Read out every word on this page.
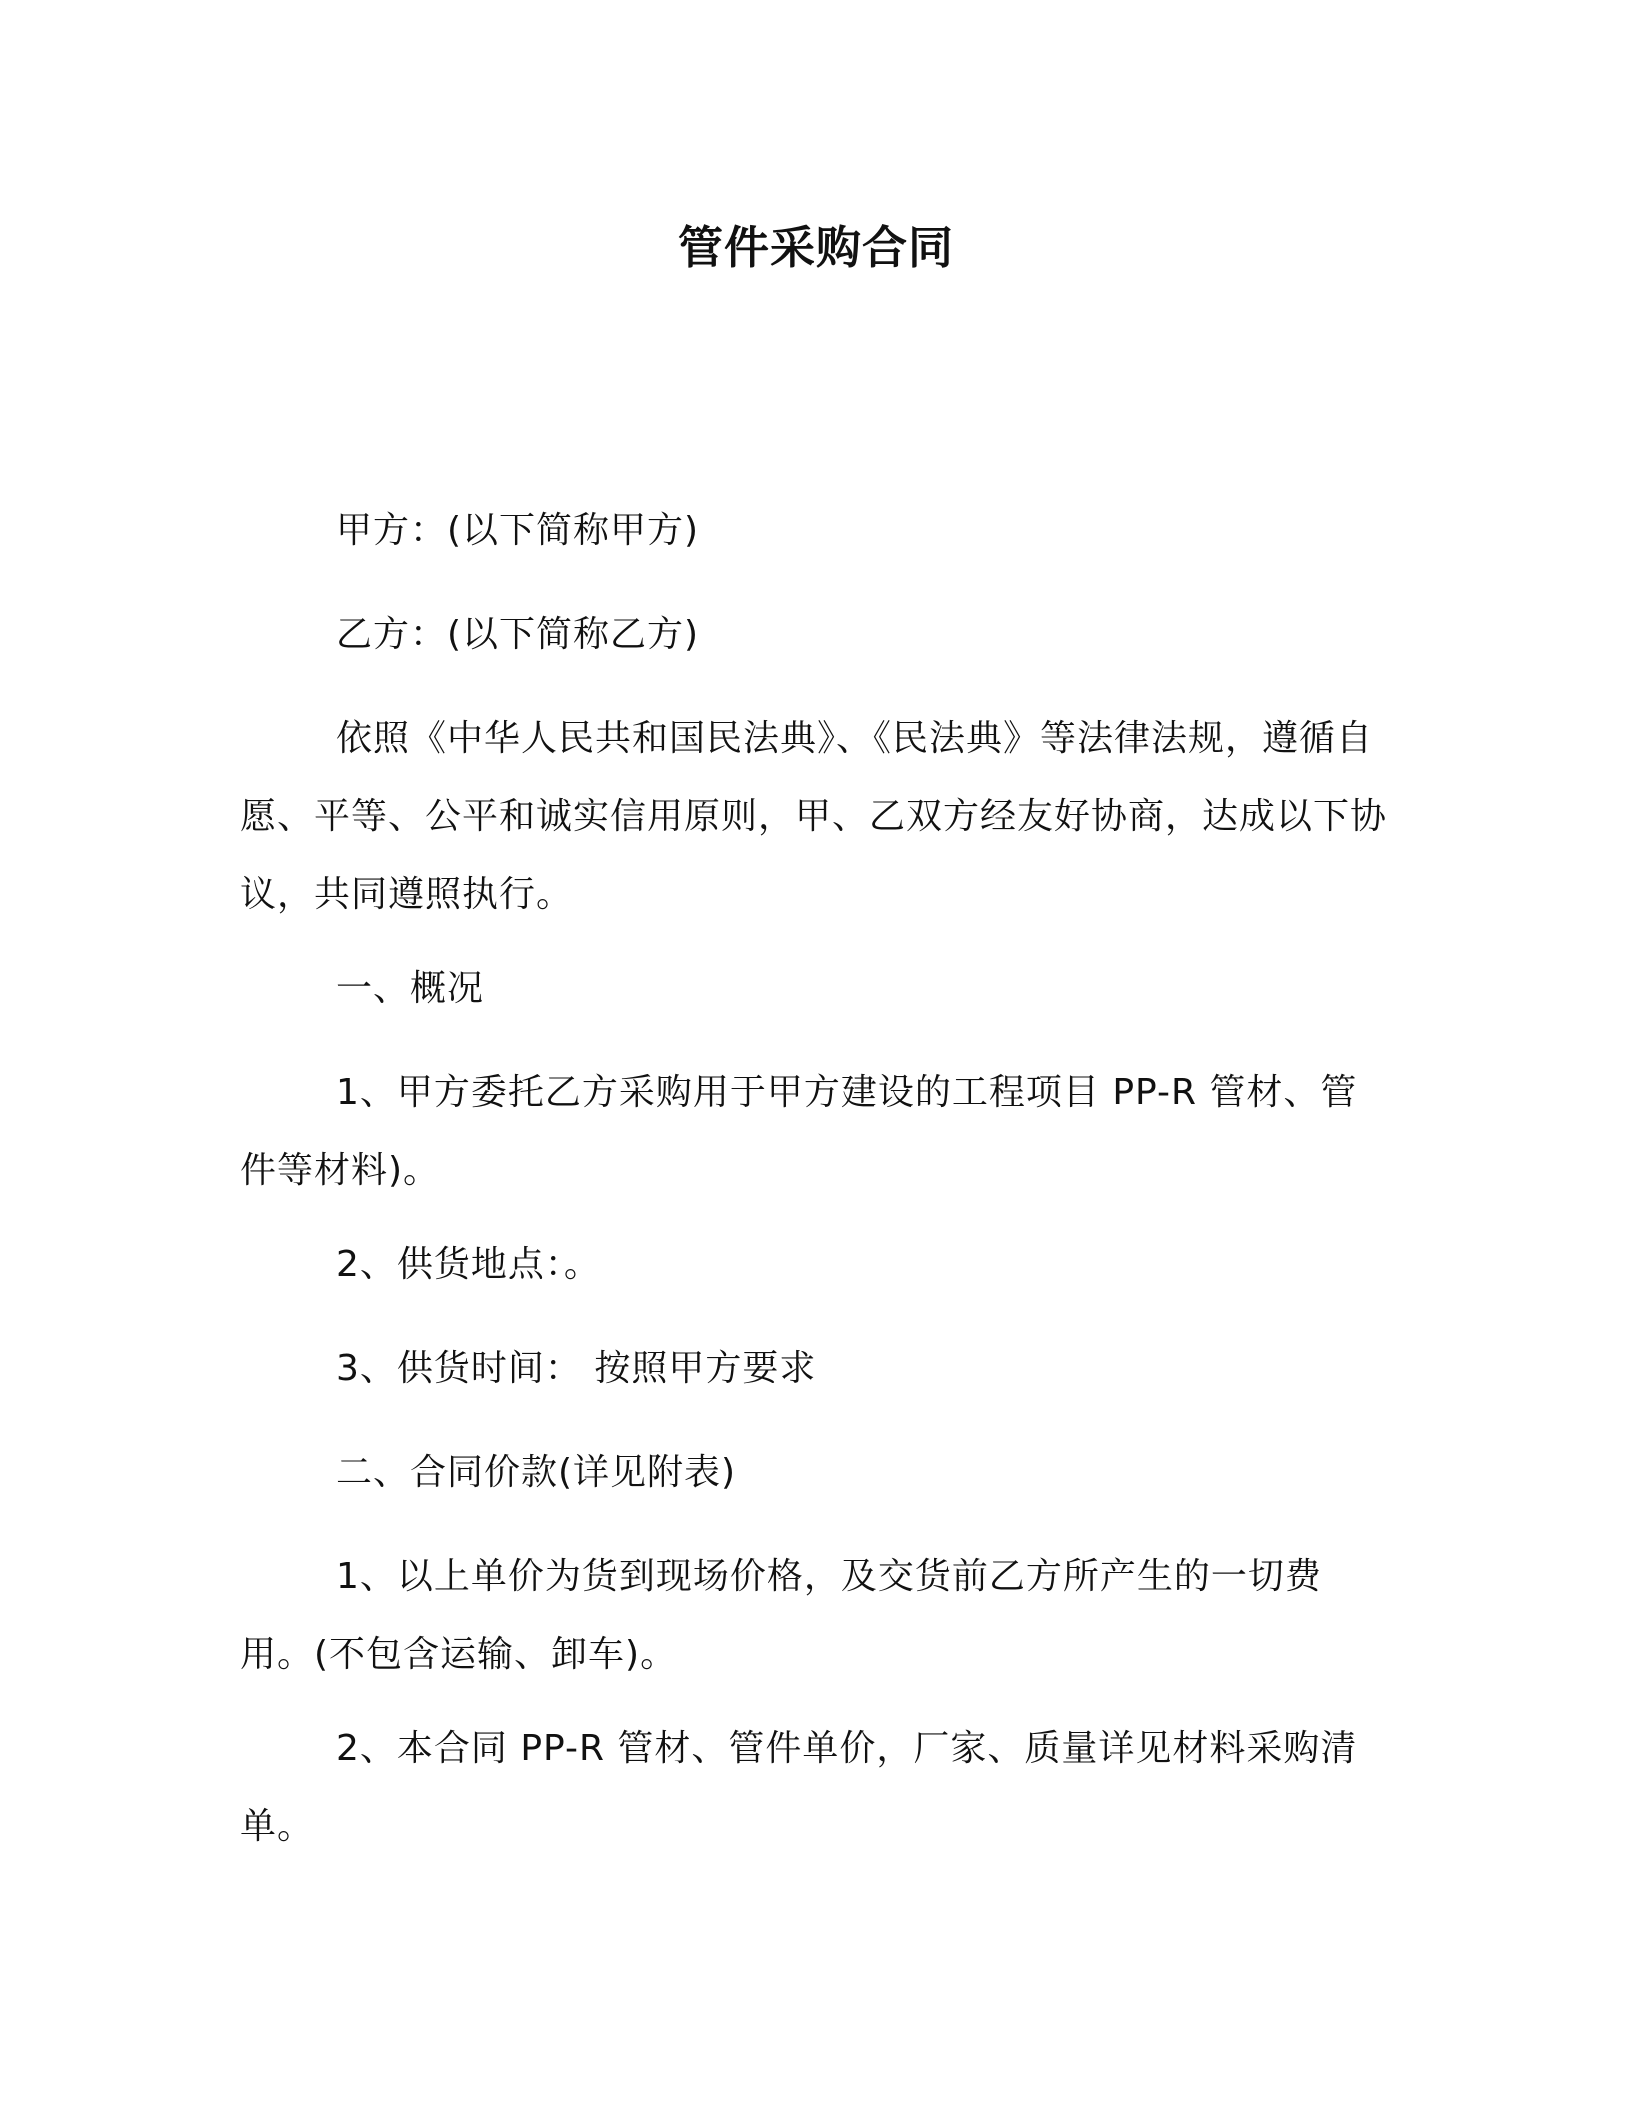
管件采购合同

甲方：(以下简称甲方)

乙方：(以下简称乙方)

依照《中华人民共和国民法典》、《民法典》等法律法规，遵循自愿、平等、公平和诚实信用原则，甲、乙双方经友好协商，达成以下协议，共同遵照执行。

一、概况

1、甲方委托乙方采购用于甲方建设的工程项目 PP-R 管材、管件等材料)。

2、供货地点：。

3、供货时间： 按照甲方要求

二、合同价款(详见附表)

1、以上单价为货到现场价格，及交货前乙方所产生的一切费用。(不包含运输、卸车)。

2、本合同 PP-R 管材、管件单价，厂家、质量详见材料采购清单。
